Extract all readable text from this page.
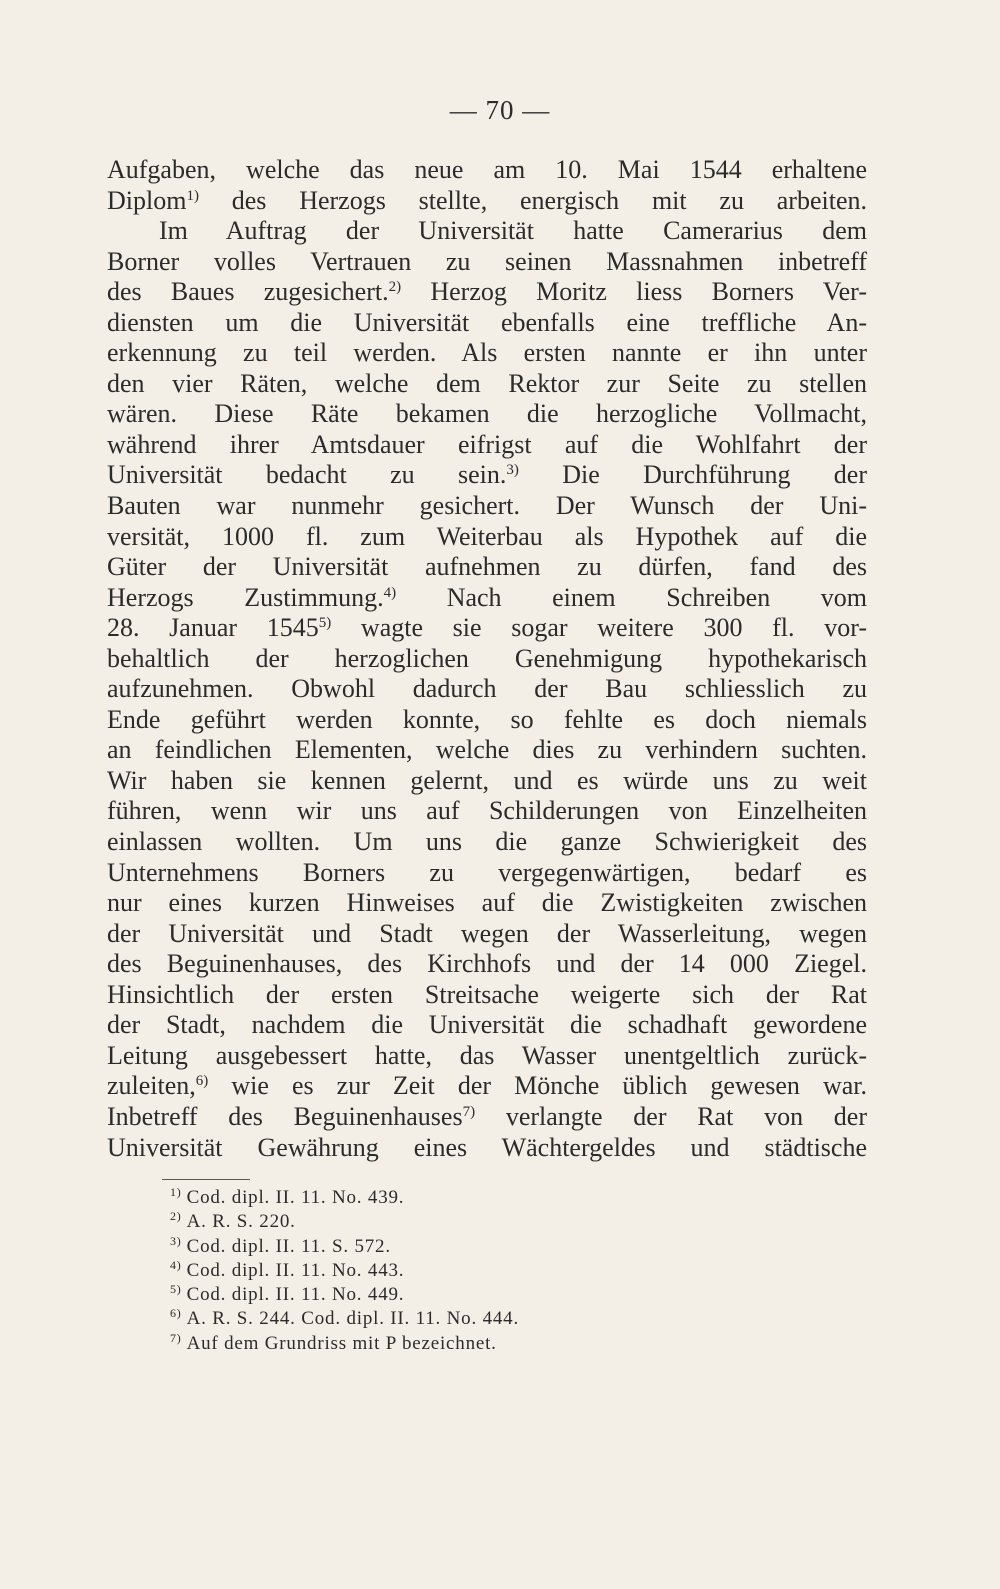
— 70 —
Aufgaben, welche das neue am 10. Mai 1544 erhaltene
Diplom$^{1)}$ des Herzogs stellte, energisch mit zu arbeiten.
Im Auftrag der Universität hatte Camerarius dem
Borner volles Vertrauen zu seinen Massnahmen inbetreff
des Baues zugesichert.$^{2)}$ Herzog Moritz liess Borners Ver-
diensten um die Universität ebenfalls eine treffliche An-
erkennung zu teil werden. Als ersten nannte er ihn unter
den vier Räten, welche dem Rektor zur Seite zu stellen
wären. Diese Räte bekamen die herzogliche Vollmacht,
während ihrer Amtsdauer eifrigst auf die Wohlfahrt der
Universität bedacht zu sein.$^{3)}$ Die Durchführung der
Bauten war nunmehr gesichert. Der Wunsch der Uni-
versität, 1000 fl. zum Weiterbau als Hypothek auf die
Güter der Universität aufnehmen zu dürfen, fand des
Herzogs Zustimmung.$^{4)}$ Nach einem Schreiben vom
28. Januar 1545$^{5)}$ wagte sie sogar weitere 300 fl. vor-
behaltlich der herzoglichen Genehmigung hypothekarisch
aufzunehmen. Obwohl dadurch der Bau schliesslich zu
Ende geführt werden konnte, so fehlte es doch niemals
an feindlichen Elementen, welche dies zu verhindern suchten.
Wir haben sie kennen gelernt, und es würde uns zu weit
führen, wenn wir uns auf Schilderungen von Einzelheiten
einlassen wollten. Um uns die ganze Schwierigkeit des
Unternehmens Borners zu vergegenwärtigen, bedarf es
nur eines kurzen Hinweises auf die Zwistigkeiten zwischen
der Universität und Stadt wegen der Wasserleitung, wegen
des Beguinenhauses, des Kirchhofs und der 14 000 Ziegel.
Hinsichtlich der ersten Streitsache weigerte sich der Rat
der Stadt, nachdem die Universität die schadhaft gewordene
Leitung ausgebessert hatte, das Wasser unentgeltlich zurück-
zuleiten,$^{6)}$ wie es zur Zeit der Mönche üblich gewesen war.
Inbetreff des Beguinenhauses$^{7)}$ verlangte der Rat von der
Universität Gewährung eines Wächtergeldes und städtische
$^{1)}$ Cod. dipl. II. 11. No. 439.
$^{2)}$ A. R. S. 220.
$^{3)}$ Cod. dipl. II. 11. S. 572.
$^{4)}$ Cod. dipl. II. 11. No. 443.
$^{5)}$ Cod. dipl. II. 11. No. 449.
$^{6)}$ A. R. S. 244. Cod. dipl. II. 11. No. 444.
$^{7)}$ Auf dem Grundriss mit P bezeichnet.
